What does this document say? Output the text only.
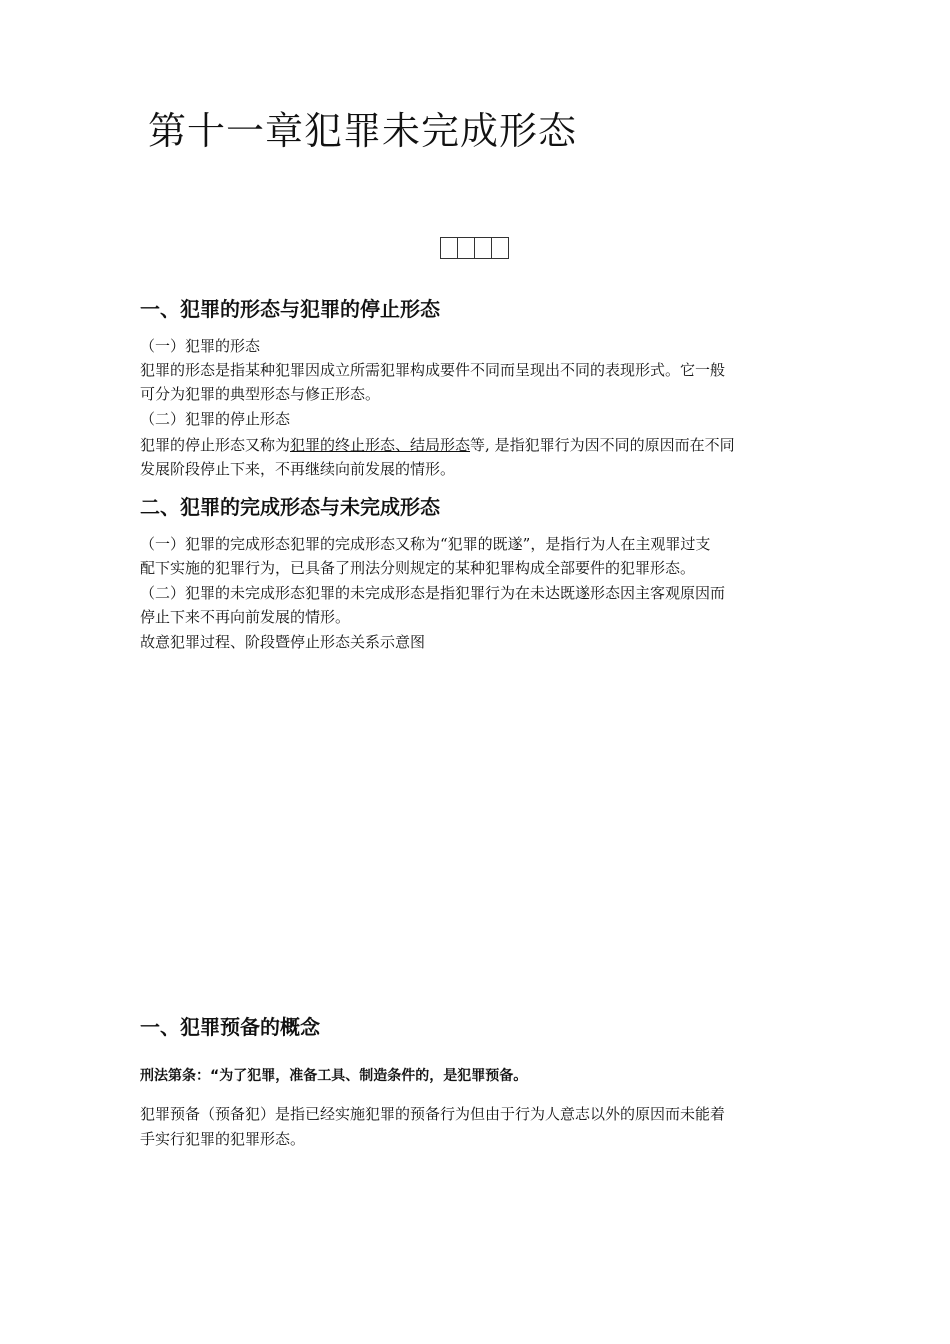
第十一章犯罪未完成形态
一、犯罪的形态与犯罪的停止形态

（一）犯罪的形态

犯罪的形态是指某种犯罪因成立所需犯罪构成要件不同而呈现出不同的表现形式。它一般

可分为犯罪的典型形态与修正形态。

（二）犯罪的停止形态

犯罪的停止形态又称为犯罪的终止形态、结局形态等, 是指犯罪行为因不同的原因而在不同

发展阶段停止下来，不再继续向前发展的情形。

二、犯罪的完成形态与未完成形态

（一）犯罪的完成形态犯罪的完成形态又称为“犯罪的既遂”，是指行为人在主观罪过支

配下实施的犯罪行为，已具备了刑法分则规定的某种犯罪构成全部要件的犯罪形态。

（二）犯罪的未完成形态犯罪的未完成形态是指犯罪行为在未达既遂形态因主客观原因而

停止下来不再向前发展的情形。

故意犯罪过程、阶段暨停止形态关系示意图

一、犯罪预备的概念

刑法第条：“为了犯罪，准备工具、制造条件的，是犯罪预备。

犯罪预备（预备犯）是指已经实施犯罪的预备行为但由于行为人意志以外的原因而未能着

手实行犯罪的犯罪形态。
